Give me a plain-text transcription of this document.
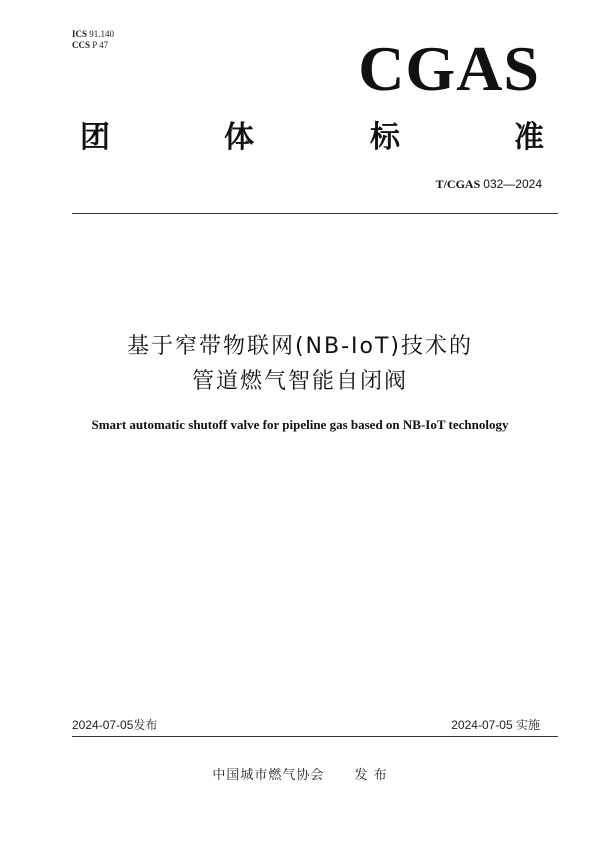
ICS 91.140
CCS P 47	CGAS
团	体	标	准
T/CGAS 032—2024
基于窄带物联网(NB-IoT)技术的
管道燃气智能自闭阀
Smart automatic shutoff valve for pipeline gas based on NB-IoT technology
2024-07-05发布	2024-07-05 实施
中国城市燃气协会 发 布
